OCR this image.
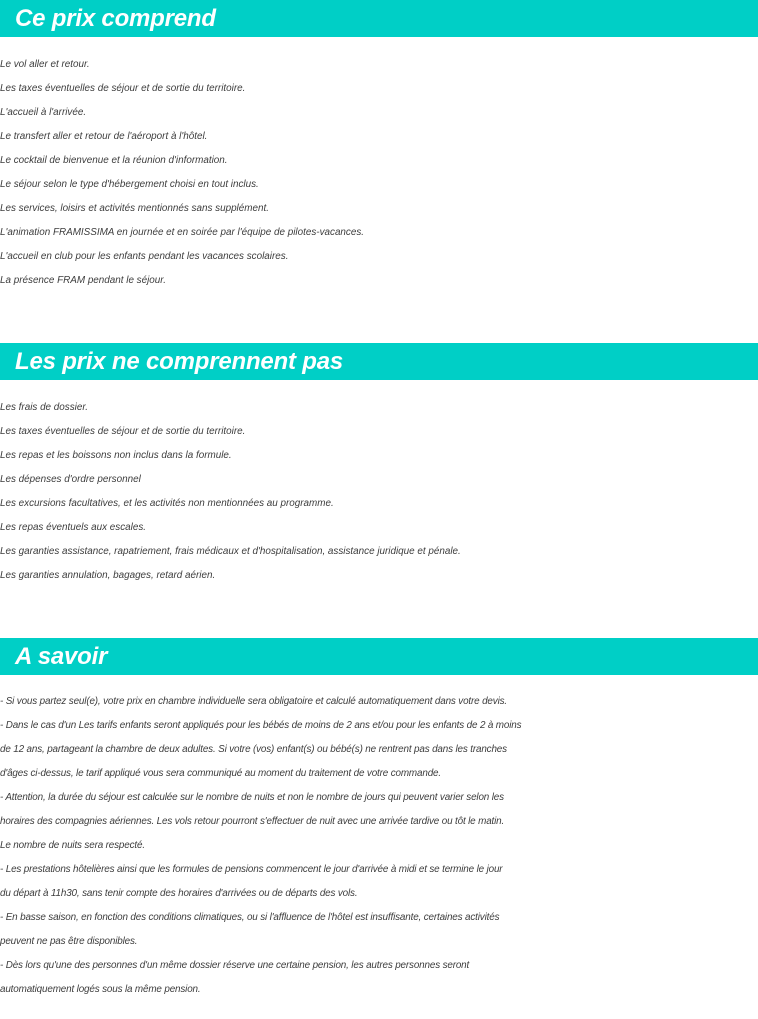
Ce prix comprend
Le vol aller et retour.
Les taxes éventuelles de séjour et de sortie du territoire.
L'accueil à l'arrivée.
Le transfert aller et retour de l'aéroport à l'hôtel.
Le cocktail de bienvenue et la réunion d'information.
Le séjour selon le type d'hébergement choisi en tout inclus.
Les services, loisirs et activités mentionnés sans supplément.
L'animation FRAMISSIMA en journée et en soirée par l'équipe de pilotes-vacances.
L'accueil en club pour les enfants pendant les vacances scolaires.
La présence FRAM pendant le séjour.
Les prix ne comprennent pas
Les frais de dossier.
Les taxes éventuelles de séjour et de sortie du territoire.
Les repas et les boissons non inclus dans la formule.
Les dépenses d'ordre personnel
Les excursions facultatives, et les activités non mentionnées au programme.
Les repas éventuels aux escales.
Les garanties assistance, rapatriement, frais médicaux et d'hospitalisation, assistance juridique et pénale.
Les garanties annulation, bagages, retard aérien.
A savoir
- Si vous partez seul(e), votre prix en chambre individuelle sera obligatoire et calculé automatiquement dans votre devis.
- Dans le cas d'un Les tarifs enfants seront appliqués pour les bébés de moins de 2 ans et/ou pour les enfants de 2 à moins
de 12 ans, partageant la chambre de deux adultes. Si votre (vos) enfant(s) ou bébé(s) ne rentrent pas dans les tranches
d'âges ci-dessus, le tarif appliqué vous sera communiqué au moment du traitement de votre commande.
- Attention, la durée du séjour est calculée sur le nombre de nuits et non le nombre de jours qui peuvent varier selon les
horaires des compagnies aériennes. Les vols retour pourront s'effectuer de nuit avec une arrivée tardive ou tôt le matin.
Le nombre de nuits sera respecté.
- Les prestations hôtelières ainsi que les formules de pensions commencent le jour d'arrivée à midi et se termine le jour
du départ à 11h30, sans tenir compte des horaires d'arrivées ou de départs des vols.
- En basse saison, en fonction des conditions climatiques, ou si l'affluence de l'hôtel est insuffisante, certaines activités
peuvent ne pas être disponibles.
- Dès lors qu'une des personnes d'un même dossier réserve une certaine pension, les autres personnes seront
automatiquement logés sous la même pension.
